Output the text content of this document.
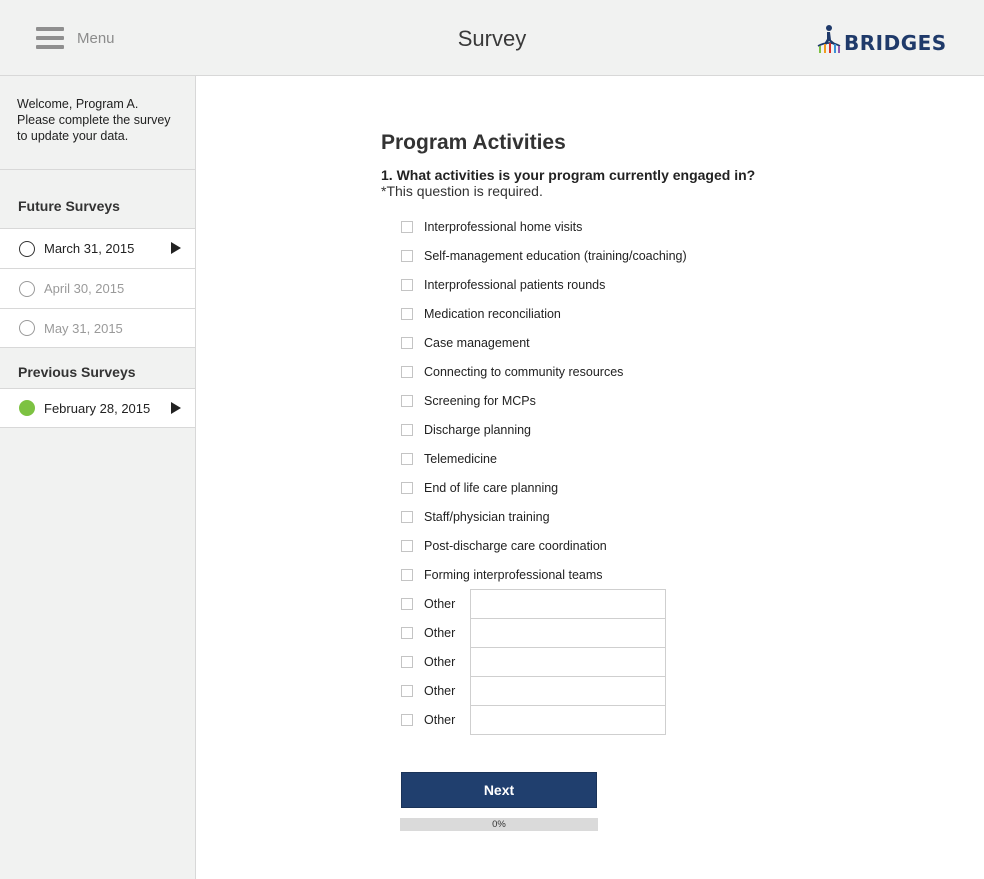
Menu	Survey	BRIDGES
Welcome, Program A. Please complete the survey to update your data.
Future Surveys
March 31, 2015
April 30, 2015
May 31, 2015
Previous Surveys
February 28, 2015
Program Activities
1. What activities is your program currently engaged in?
*This question is required.
Interprofessional home visits
Self-management education (training/coaching)
Interprofessional patients rounds
Medication reconciliation
Case management
Connecting to community resources
Screening for MCPs
Discharge planning
Telemedicine
End of life care planning
Staff/physician training
Post-discharge care coordination
Forming interprofessional teams
Other
Other
Other
Other
Other
Next
0%
